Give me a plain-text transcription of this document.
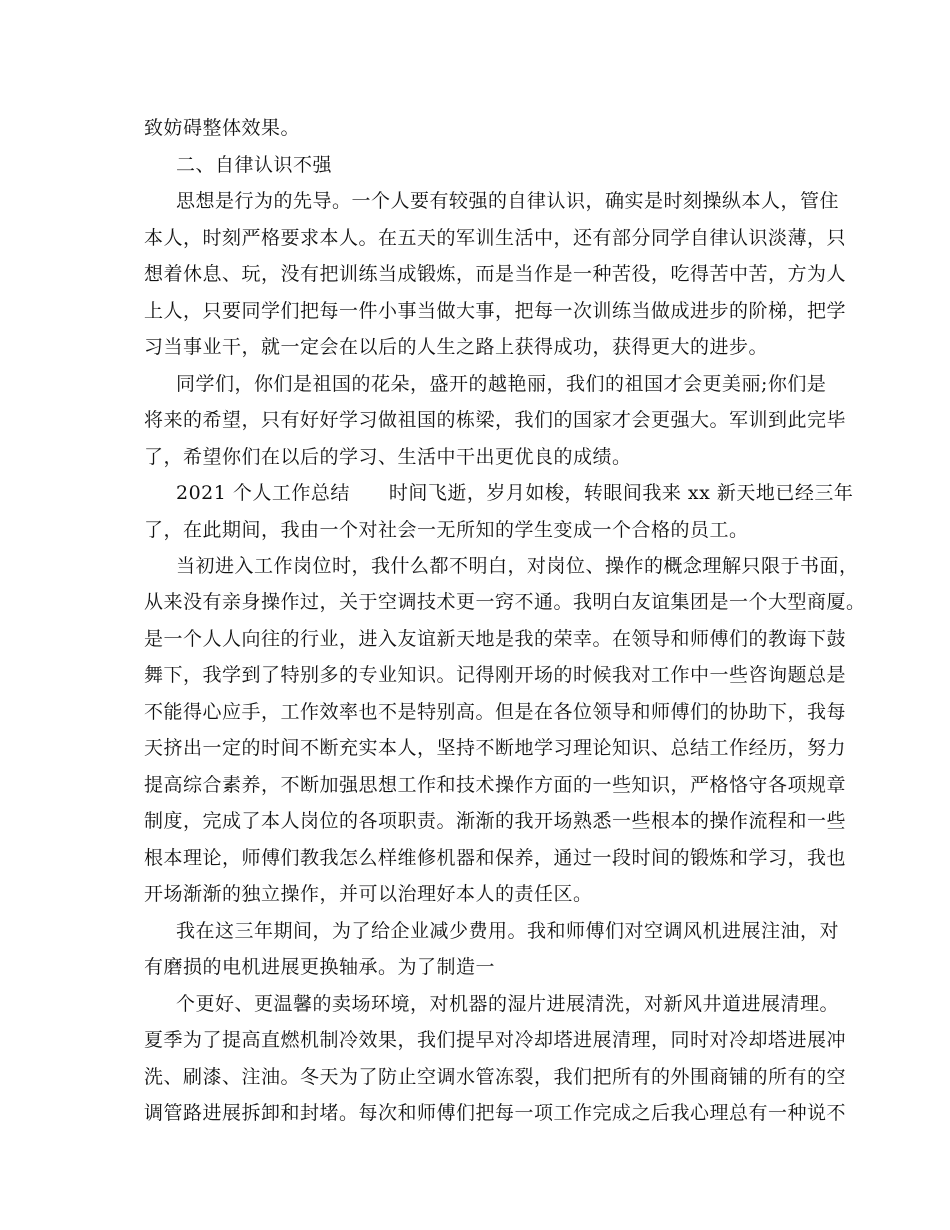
致妨碍整体效果。
二、自律认识不强
思想是行为的先导。一个人要有较强的自律认识，确实是时刻操纵本人，管住
本人，时刻严格要求本人。在五天的军训生活中，还有部分同学自律认识淡薄，只
想着休息、玩，没有把训练当成锻炼，而是当作是一种苦役，吃得苦中苦，方为人
上人，只要同学们把每一件小事当做大事，把每一次训练当做成进步的阶梯，把学
习当事业干，就一定会在以后的人生之路上获得成功，获得更大的进步。
同学们，你们是祖国的花朵，盛开的越艳丽，我们的祖国才会更美丽;你们是
将来的希望，只有好好学习做祖国的栋梁，我们的国家才会更强大。军训到此完毕
了，希望你们在以后的学习、生活中干出更优良的成绩。
2021 个人工作总结　　时间飞逝，岁月如梭，转眼间我来 xx 新天地已经三年
了，在此期间，我由一个对社会一无所知的学生变成一个合格的员工。
当初进入工作岗位时，我什么都不明白，对岗位、操作的概念理解只限于书面，
从来没有亲身操作过，关于空调技术更一窍不通。我明白友谊集团是一个大型商厦。
是一个人人向往的行业，进入友谊新天地是我的荣幸。在领导和师傅们的教诲下鼓
舞下，我学到了特别多的专业知识。记得刚开场的时候我对工作中一些咨询题总是
不能得心应手，工作效率也不是特别高。但是在各位领导和师傅们的协助下，我每
天挤出一定的时间不断充实本人，坚持不断地学习理论知识、总结工作经历，努力
提高综合素养，不断加强思想工作和技术操作方面的一些知识，严格恪守各项规章
制度，完成了本人岗位的各项职责。渐渐的我开场熟悉一些根本的操作流程和一些
根本理论，师傅们教我怎么样维修机器和保养，通过一段时间的锻炼和学习，我也
开场渐渐的独立操作，并可以治理好本人的责任区。
我在这三年期间，为了给企业减少费用。我和师傅们对空调风机进展注油，对
有磨损的电机进展更换轴承。为了制造一
个更好、更温馨的卖场环境，对机器的湿片进展清洗，对新风井道进展清理。
夏季为了提高直燃机制冷效果，我们提早对冷却塔进展清理，同时对冷却塔进展冲
洗、刷漆、注油。冬天为了防止空调水管冻裂，我们把所有的外围商铺的所有的空
调管路进展拆卸和封堵。每次和师傅们把每一项工作完成之后我心理总有一种说不
